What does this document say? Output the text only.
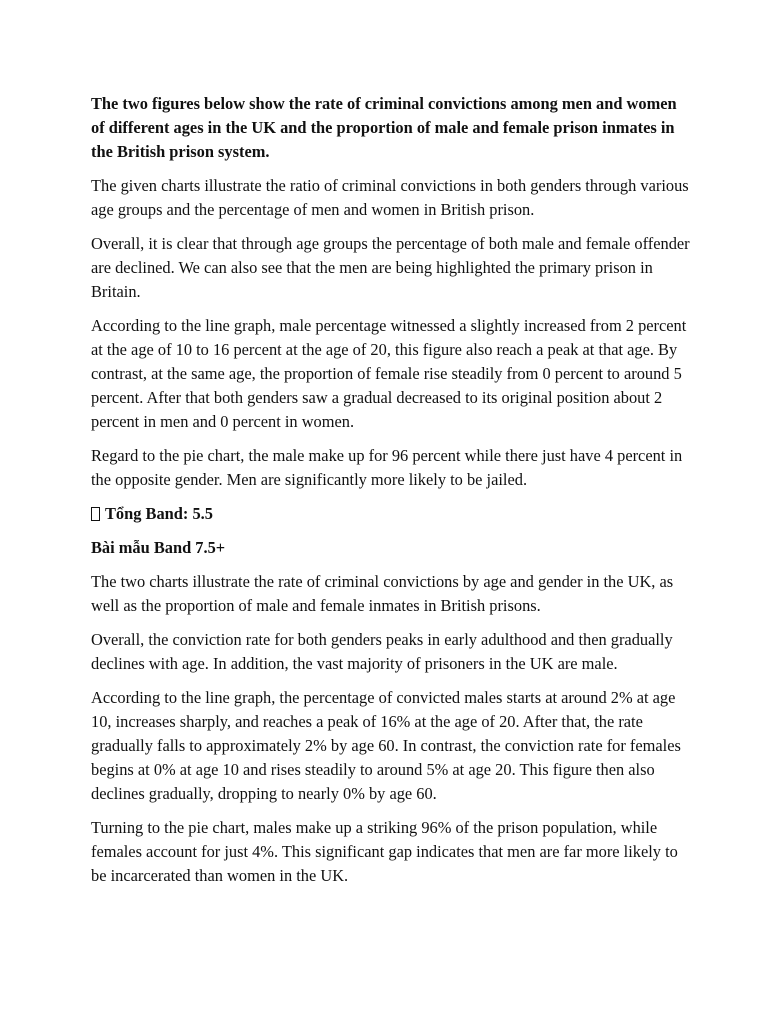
The two figures below show the rate of criminal convictions among men and women of different ages in the UK and the proportion of male and female prison inmates in the British prison system.

The given charts illustrate the ratio of criminal convictions in both genders through various age groups and the percentage of men and women in British prison.

Overall, it is clear that through age groups the percentage of both male and female offender are declined. We can also see that the men are being highlighted the primary prison in Britain.

According to the line graph, male percentage witnessed a slightly increased from 2 percent at the age of 10 to 16 percent at the age of 20, this figure also reach a peak at that age. By contrast, at the same age, the proportion of female rise steadily from 0 percent to around 5 percent. After that both genders saw a gradual decreased to its original position about 2 percent in men and 0 percent in women.

Regard to the pie chart, the male make up for 96 percent while there just have 4 percent in the opposite gender. Men are significantly more likely to be jailed.

Tổng Band: 5.5

Bài mẫu Band 7.5+

The two charts illustrate the rate of criminal convictions by age and gender in the UK, as well as the proportion of male and female inmates in British prisons.

Overall, the conviction rate for both genders peaks in early adulthood and then gradually declines with age. In addition, the vast majority of prisoners in the UK are male.

According to the line graph, the percentage of convicted males starts at around 2% at age 10, increases sharply, and reaches a peak of 16% at the age of 20. After that, the rate gradually falls to approximately 2% by age 60. In contrast, the conviction rate for females begins at 0% at age 10 and rises steadily to around 5% at age 20. This figure then also declines gradually, dropping to nearly 0% by age 60.

Turning to the pie chart, males make up a striking 96% of the prison population, while females account for just 4%. This significant gap indicates that men are far more likely to be incarcerated than women in the UK.
